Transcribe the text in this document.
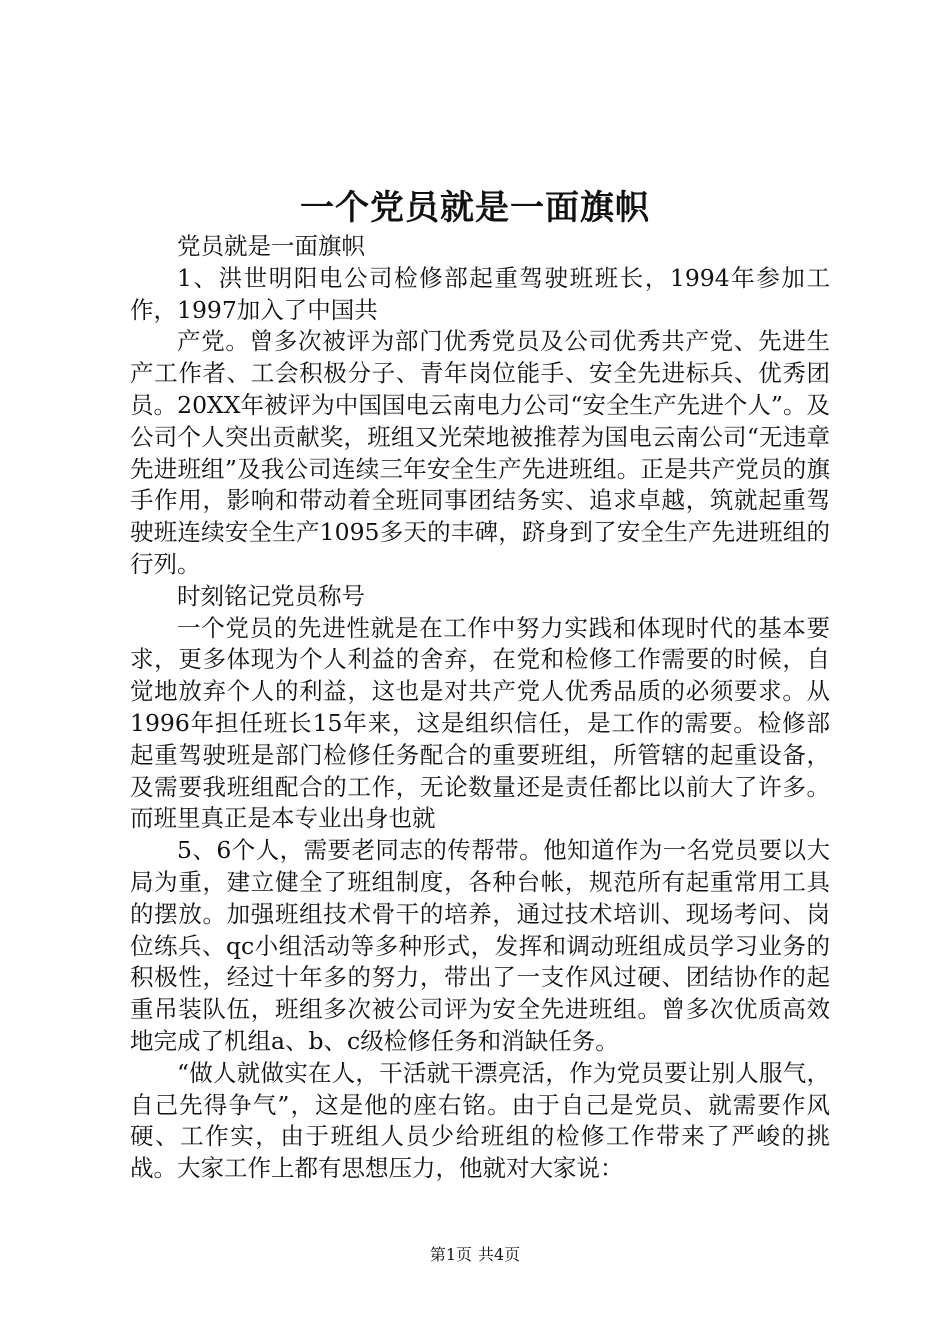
一个党员就是一面旗帜

党员就是一面旗帜

1、洪世明阳电公司检修部起重驾驶班班长，1994年参加工作，1997加入了中国共

产党。曾多次被评为部门优秀党员及公司优秀共产党、先进生产工作者、工会积极分子、青年岗位能手、安全先进标兵、优秀团员。20XX年被评为中国国电云南电力公司“安全生产先进个人”。及公司个人突出贡献奖，班组又光荣地被推荐为国电云南公司“无违章先进班组”及我公司连续三年安全生产先进班组。正是共产党员的旗手作用，影响和带动着全班同事团结务实、追求卓越，筑就起重驾驶班连续安全生产1095多天的丰碑，跻身到了安全生产先进班组的行列。

时刻铭记党员称号

一个党员的先进性就是在工作中努力实践和体现时代的基本要求，更多体现为个人利益的舍弃，在党和检修工作需要的时候，自觉地放弃个人的利益，这也是对共产党人优秀品质的必须要求。从1996年担任班长15年来，这是组织信任，是工作的需要。检修部起重驾驶班是部门检修任务配合的重要班组，所管辖的起重设备，及需要我班组配合的工作，无论数量还是责任都比以前大了许多。而班里真正是本专业出身也就

5、6个人，需要老同志的传帮带。他知道作为一名党员要以大局为重，建立健全了班组制度，各种台帐，规范所有起重常用工具的摆放。加强班组技术骨干的培养，通过技术培训、现场考问、岗位练兵、qc小组活动等多种形式，发挥和调动班组成员学习业务的积极性，经过十年多的努力，带出了一支作风过硬、团结协作的起重吊装队伍，班组多次被公司评为安全先进班组。曾多次优质高效地完成了机组a、b、c级检修任务和消缺任务。

“做人就做实在人，干活就干漂亮活，作为党员要让别人服气，自己先得争气”，这是他的座右铭。由于自己是党员、就需要作风硬、工作实，由于班组人员少给班组的检修工作带来了严峻的挑战。大家工作上都有思想压力，他就对大家说：

第1页 共4页
